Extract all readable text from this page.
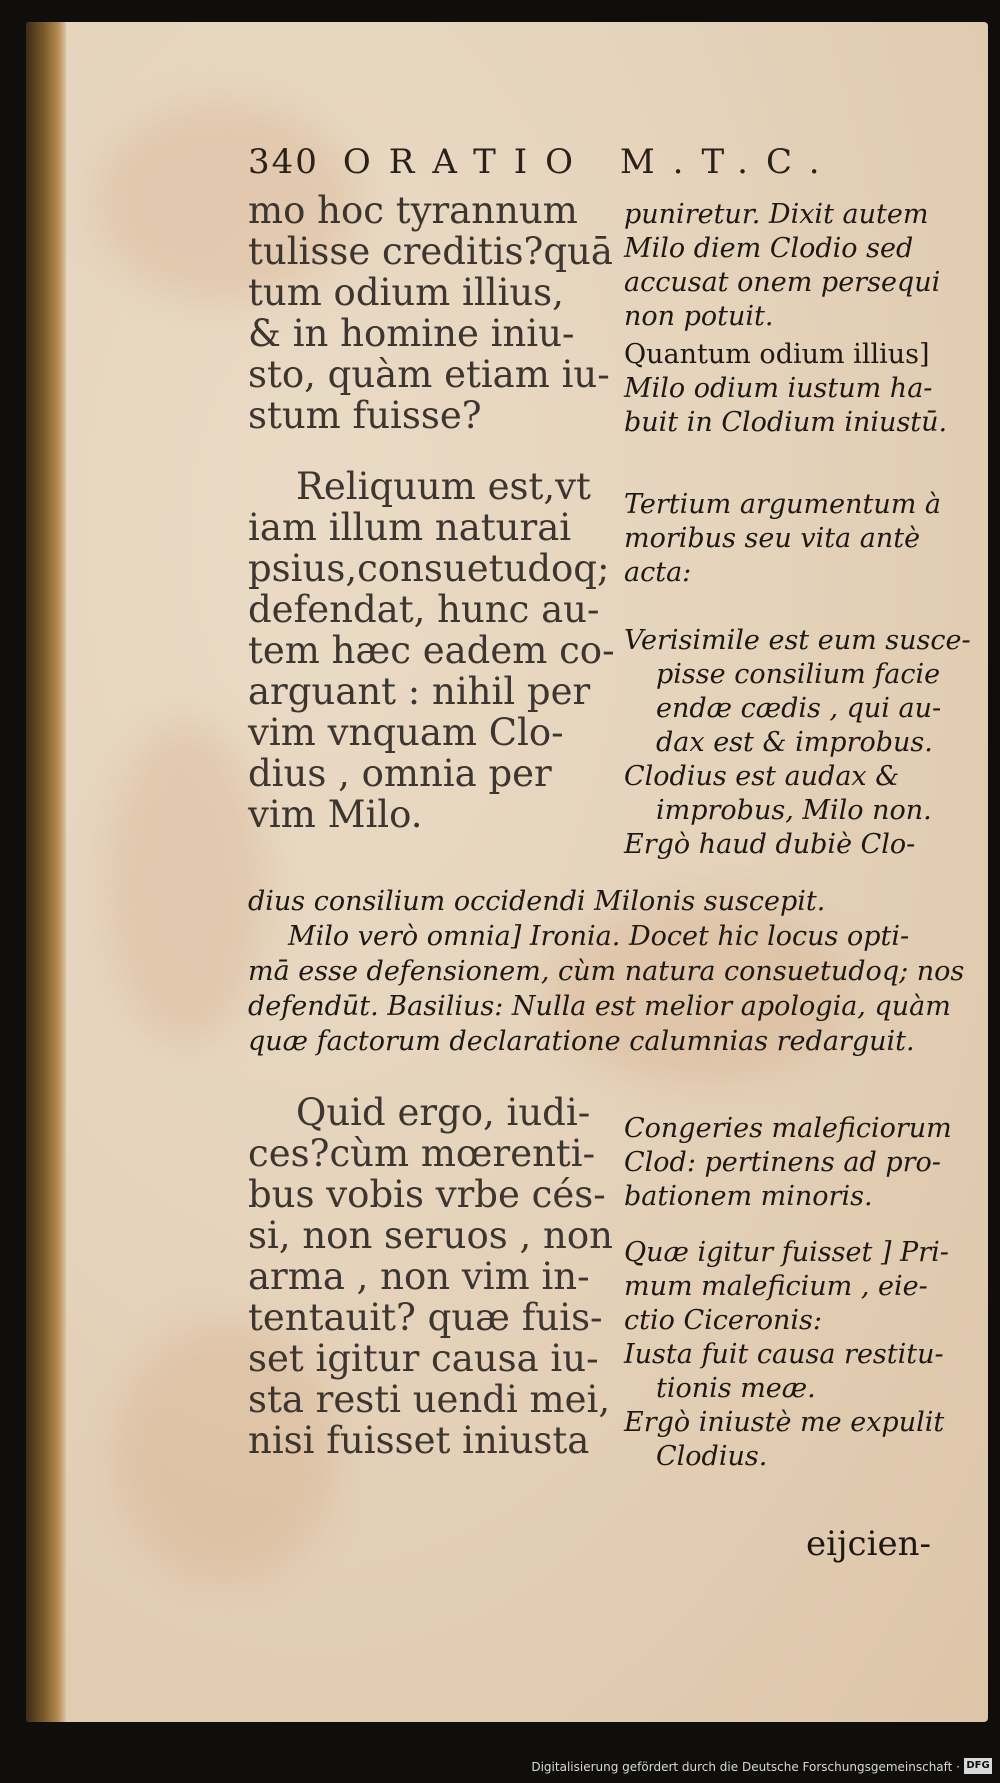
340 ORATIO M.T.C.
mo hoc tyrannum
tulisse creditis?quā
tum odium illius,
& in homine iniu-
sto, quàm etiam iu-
stum fuisse?
puniretur. Dixit autem
Milo diem Clodio sed
accusat onem persequi
non potuit.
Quantum odium illius]
Milo odium iustum ha-
buit in Clodium iniustū.
Reliquum est,vt
iam illum naturai
psius,consuetudoq;
defendat, hunc au-
tem hæc eadem co-
arguant : nihil per
vim vnquam Clo-
dius , omnia per
vim Milo.
Tertium argumentum à
moribus seu vita antè
acta:
Verisimile est eum susce-
pisse consilium facie
endæ cædis , qui au-
dax est & improbus.
Clodius est audax &
improbus, Milo non.
Ergò haud dubiè Clo-
dius consilium occidendi Milonis suscepit.
Milo verò omnia] Ironia. Docet hic locus opti-
mā esse defensionem, cùm natura consuetudoq; nos
defendūt. Basilius: Nulla est melior apologia, quàm
quæ factorum declaratione calumnias redarguit.
Quid ergo, iudi-
ces?cùm mœrenti-
bus vobis vrbe cés-
si, non seruos , non
arma , non vim in-
tentauit? quæ fuis-
set igitur causa iu-
sta resti uendi mei,
nisi fuisset iniusta
Congeries maleficiorum
Clod: pertinens ad pro-
bationem minoris.
Quæ igitur fuisset ] Pri-
mum maleficium , eie-
ctio Ciceronis:
Iusta fuit causa restitu-
tionis meæ.
Ergò iniustè me expulit
Clodius.
eijcien-
Digitalisierung gefördert durch die Deutsche Forschungsgemeinschaft · DFG
